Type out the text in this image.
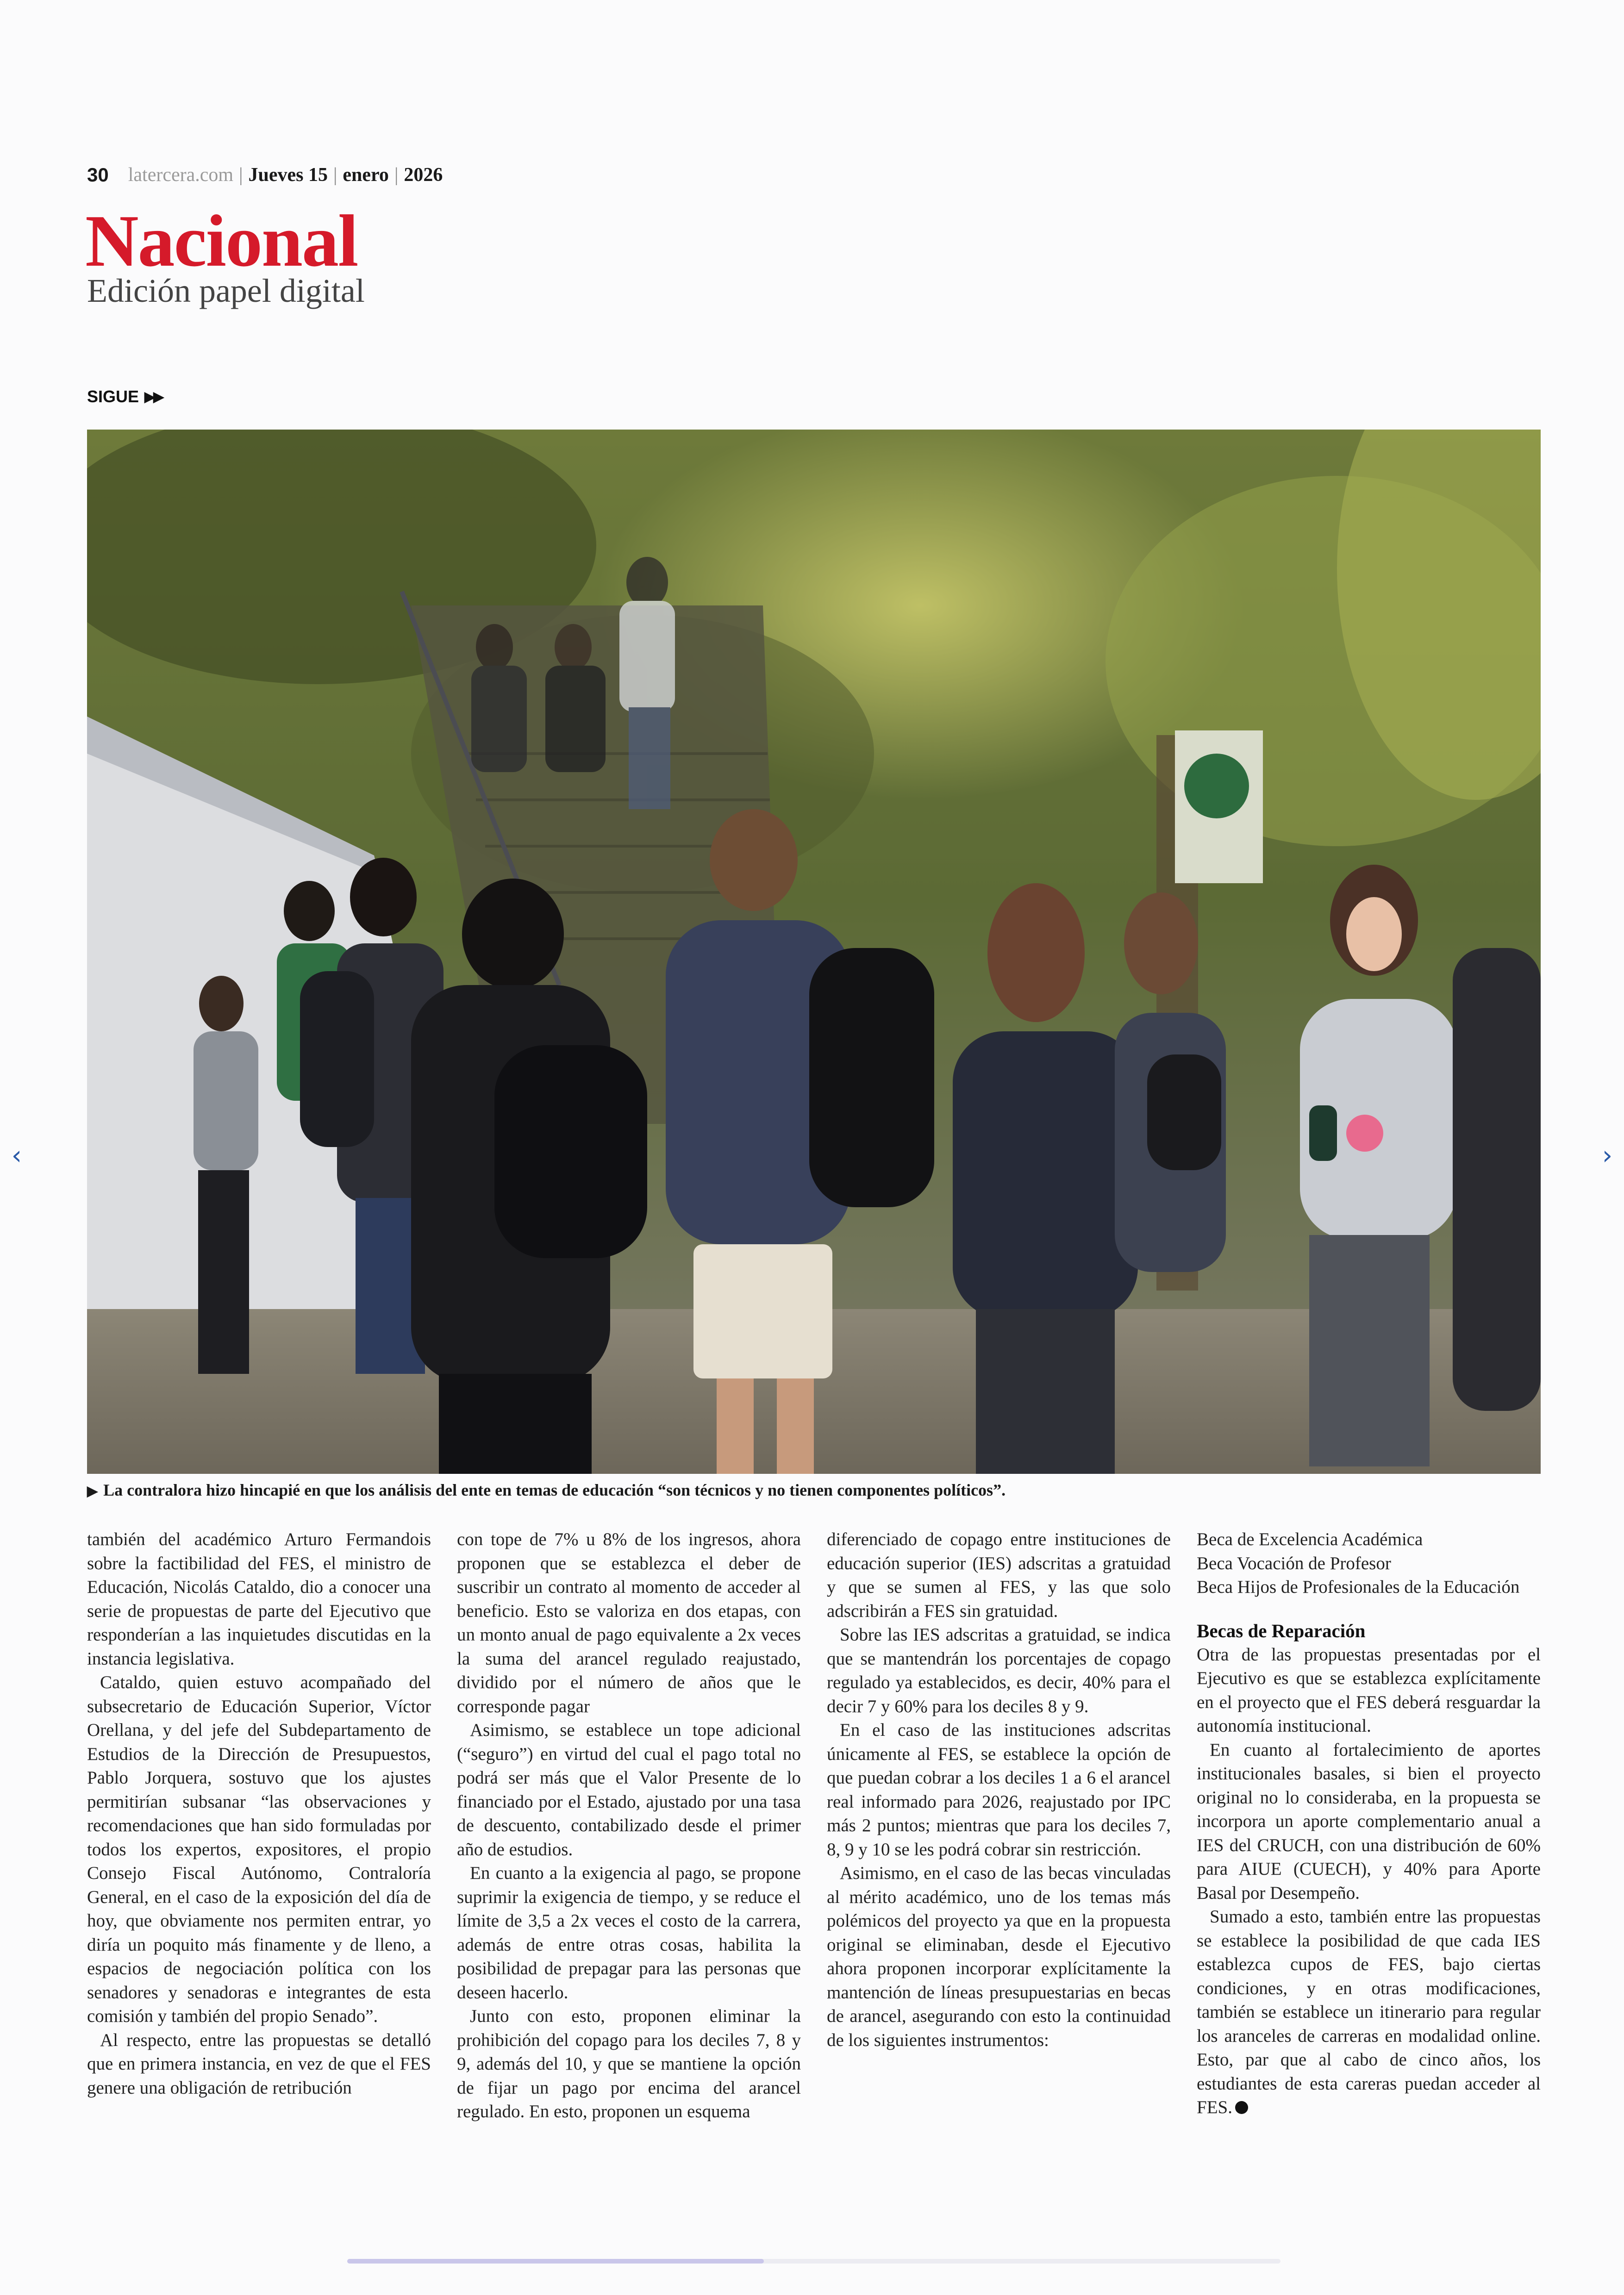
30 latercera.com | Jueves 15 | enero | 2026
Nacional
Edición papel digital
SIGUE ▶▶
▶ La contralora hizo hincapié en que los análisis del ente en temas de educación “son técnicos y no tienen componentes políticos”.

también del académico Arturo Fermandois sobre la factibilidad del FES, el ministro de Educación, Nicolás Cataldo, dio a conocer una serie de propuestas de parte del Ejecutivo que responderían a las inquietudes discutidas en la instancia legislativa.

Cataldo, quien estuvo acompañado del subsecretario de Educación Superior, Víctor Orellana, y del jefe del Subdepartamento de Estudios de la Dirección de Presupuestos, Pablo Jorquera, sostuvo que los ajustes permitirían subsanar “las observaciones y recomendaciones que han sido formuladas por todos los expertos, expositores, el propio Consejo Fiscal Autónomo, Contraloría General, en el caso de la exposición del día de hoy, que obviamente nos permiten entrar, yo diría un poquito más finamente y de lleno, a espacios de negociación política con los senadores y senadoras e integrantes de esta comisión y también del propio Senado”.

Al respecto, entre las propuestas se detalló que en primera instancia, en vez de que el FES genere una obligación de retribución

con tope de 7% u 8% de los ingresos, ahora proponen que se establezca el deber de suscribir un contrato al momento de acceder al beneficio. Esto se valoriza en dos etapas, con un monto anual de pago equivalente a 2x veces la suma del arancel regulado reajustado, dividido por el número de años que le corresponde pagar

Asimismo, se establece un tope adicional (“seguro”) en virtud del cual el pago total no podrá ser más que el Valor Presente de lo financiado por el Estado, ajustado por una tasa de descuento, contabilizado desde el primer año de estudios.

En cuanto a la exigencia al pago, se propone suprimir la exigencia de tiempo, y se reduce el límite de 3,5 a 2x veces el costo de la carrera, además de entre otras cosas, habilita la posibilidad de prepagar para las personas que deseen hacerlo.

Junto con esto, proponen eliminar la prohibición del copago para los deciles 7, 8 y 9, además del 10, y que se mantiene la opción de fijar un pago por encima del arancel regulado. En esto, proponen un esquema

diferenciado de copago entre instituciones de educación superior (IES) adscritas a gratuidad y que se sumen al FES, y las que solo adscribirán a FES sin gratuidad.

Sobre las IES adscritas a gratuidad, se indica que se mantendrán los porcentajes de copago regulado ya establecidos, es decir, 40% para el decir 7 y 60% para los deciles 8 y 9.

En el caso de las instituciones adscritas únicamente al FES, se establece la opción de que puedan cobrar a los deciles 1 a 6 el arancel real informado para 2026, reajustado por IPC más 2 puntos; mientras que para los deciles 7, 8, 9 y 10 se les podrá cobrar sin restricción.

Asimismo, en el caso de las becas vinculadas al mérito académico, uno de los temas más polémicos del proyecto ya que en la propuesta original se eliminaban, desde el Ejecutivo ahora proponen incorporar explícitamente la mantención de líneas presupuestarias en becas de arancel, asegurando con esto la continuidad de los siguientes instrumentos:

Beca de Excelencia Académica

Beca Vocación de Profesor

Beca Hijos de Profesionales de la Educación

Becas de Reparación

Otra de las propuestas presentadas por el Ejecutivo es que se establezca explícitamente en el proyecto que el FES deberá resguardar la autonomía institucional.

En cuanto al fortalecimiento de aportes institucionales basales, si bien el proyecto original no lo consideraba, en la propuesta se incorpora un aporte complementario anual a IES del CRUCH, con una distribución de 60% para AIUE (CUECH), y 40% para Aporte Basal por Desempeño.

Sumado a esto, también entre las propuestas se establece la posibilidad de que cada IES establezca cupos de FES, bajo ciertas condiciones, y en otras modificaciones, también se establece un itinerario para regular los aranceles de carreras en modalidad online. Esto, par que al cabo de cinco años, los estudiantes de esta careras puedan acceder al FES.

‹	›
